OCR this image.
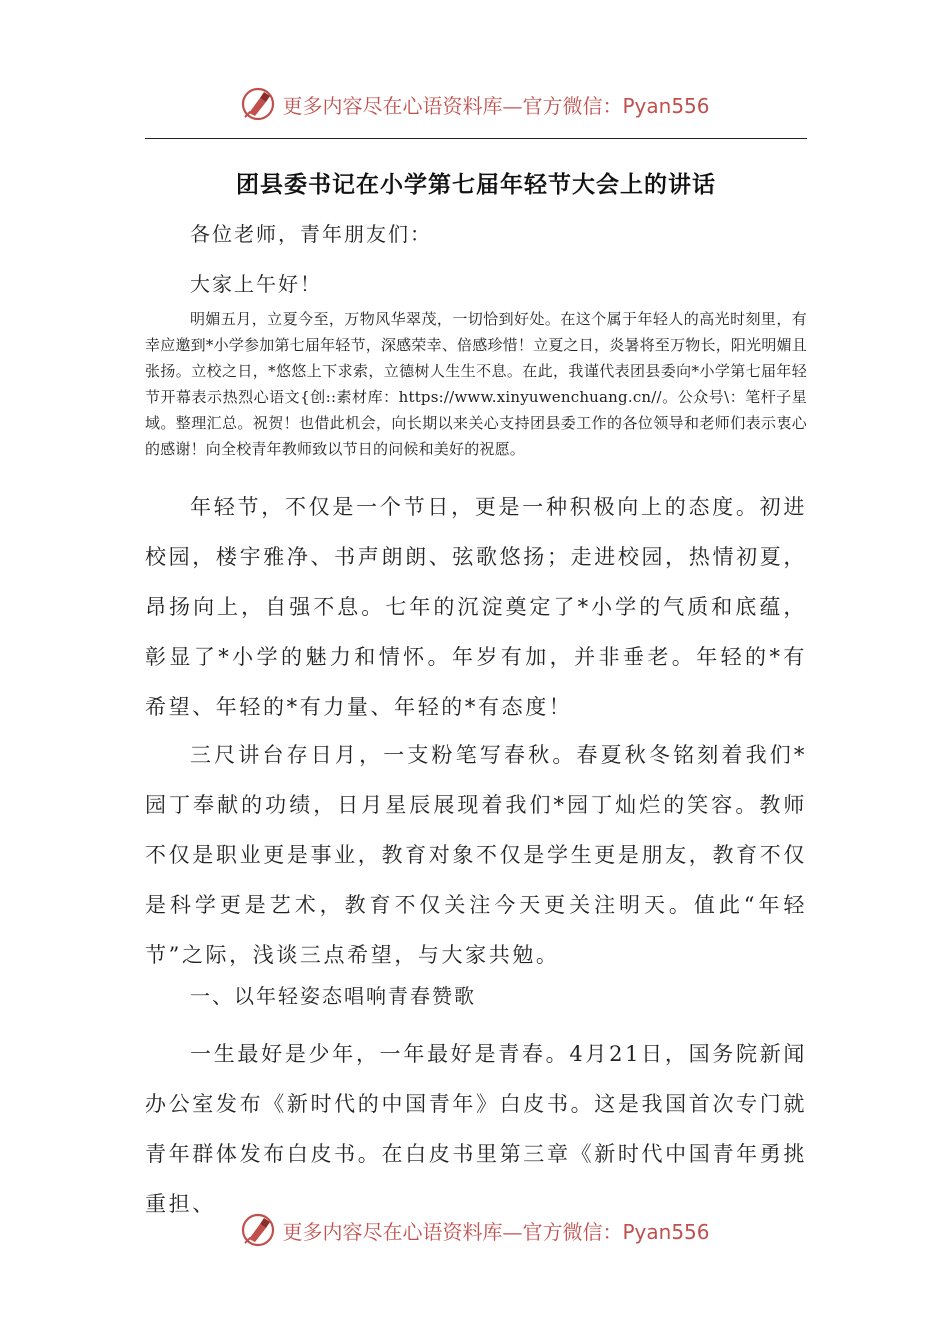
更多内容尽在心语资料库—官方微信：Pyan556
团县委书记在小学第七届年轻节大会上的讲话
各位老师，青年朋友们：
大家上午好！
明媚五月，立夏今至，万物风华翠茂，一切恰到好处。在这个属于年轻人的高光时刻里，有幸应邀到*小学参加第七届年轻节，深感荣幸、倍感珍惜！立夏之日，炎暑将至万物长，阳光明媚且张扬。立校之日，*悠悠上下求索，立德树人生生不息。在此，我谨代表团县委向*小学第七届年轻节开幕表示热烈心语文{创::素材库：https://www.xinyuwenchuang.cn//。公众号\：笔杆子星域。整理汇总。祝贺！也借此机会，向长期以来关心支持团县委工作的各位领导和老师们表示衷心的感谢！向全校青年教师致以节日的问候和美好的祝愿。
年轻节，不仅是一个节日，更是一种积极向上的态度。初进校园，楼宇雅净、书声朗朗、弦歌悠扬；走进校园，热情初夏，昂扬向上，自强不息。七年的沉淀奠定了*小学的气质和底蕴，彰显了*小学的魅力和情怀。年岁有加，并非垂老。年轻的*有希望、年轻的*有力量、年轻的*有态度！
三尺讲台存日月，一支粉笔写春秋。春夏秋冬铭刻着我们*园丁奉献的功绩，日月星辰展现着我们*园丁灿烂的笑容。教师不仅是职业更是事业，教育对象不仅是学生更是朋友，教育不仅是科学更是艺术，教育不仅关注今天更关注明天。值此“年轻节”之际，浅谈三点希望，与大家共勉。
一、以年轻姿态唱响青春赞歌
一生最好是少年，一年最好是青春。4月21日，国务院新闻办公室发布《新时代的中国青年》白皮书。这是我国首次专门就青年群体发布白皮书。在白皮书里第三章《新时代中国青年勇挑重担、
更多内容尽在心语资料库—官方微信：Pyan556
